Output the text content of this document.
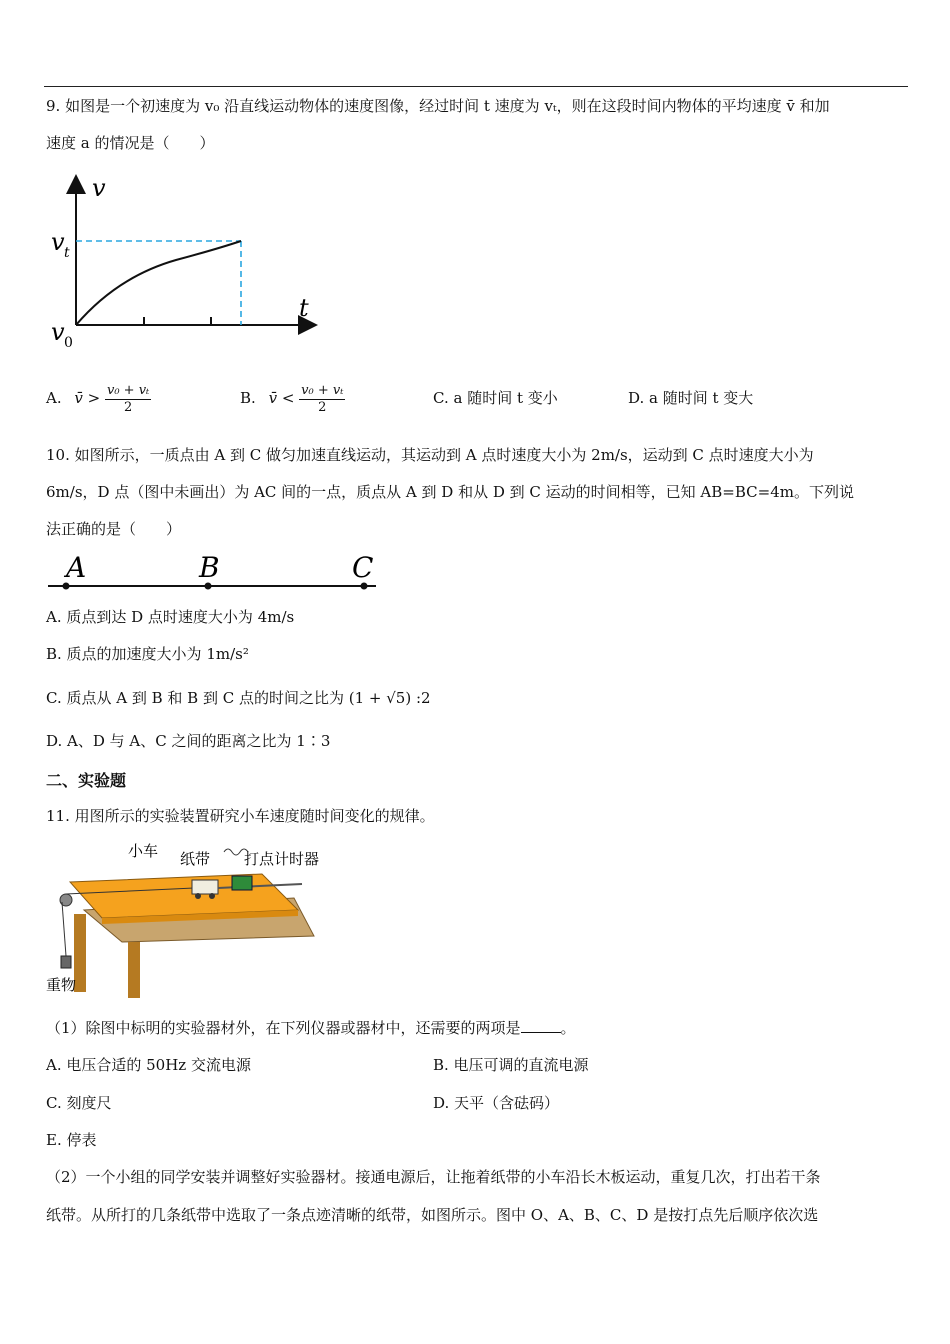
9. 如图是一个初速度为 v₀ 沿直线运动物体的速度图像，经过时间 t 速度为 vₜ，则在这段时间内物体的平均速度 v̄ 和加
速度 a 的情况是（　　）
v
t
v t
v 0
A. v̄ > $\frac{\text{v₀ + vₜ}}{2}$	B. v̄ < $\frac{\text{v₀ + vₜ}}{2}$	C. a 随时间 t 变小	D. a 随时间 t 变大
10. 如图所示，一质点由 A 到 C 做匀加速直线运动，其运动到 A 点时速度大小为 2m/s，运动到 C 点时速度大小为
6m/s，D 点（图中未画出）为 AC 间的一点，质点从 A 到 D 和从 D 到 C 运动的时间相等，已知 AB=BC=4m。下列说
法正确的是（　　）
A	B	C
A. 质点到达 D 点时速度大小为 4m/s
B. 质点的加速度大小为 1m/s²
C. 质点从 A 到 B 和 B 到 C 点的时间之比为 (1 + √5) :2
D. A、D 与 A、C 之间的距离之比为 1∶3
二、实验题
11. 用图所示的实验装置研究小车速度随时间变化的规律。
小车 纸带 打点计时器
重物
（1）除图中标明的实验器材外，在下列仪器或器材中，还需要的两项是	。
A. 电压合适的 50Hz 交流电源	B. 电压可调的直流电源
C. 刻度尺	D. 天平（含砝码）
E. 停表
（2）一个小组的同学安装并调整好实验器材。接通电源后，让拖着纸带的小车沿长木板运动，重复几次，打出若干条
纸带。从所打的几条纸带中选取了一条点迹清晰的纸带，如图所示。图中 O、A、B、C、D 是按打点先后顺序依次选
